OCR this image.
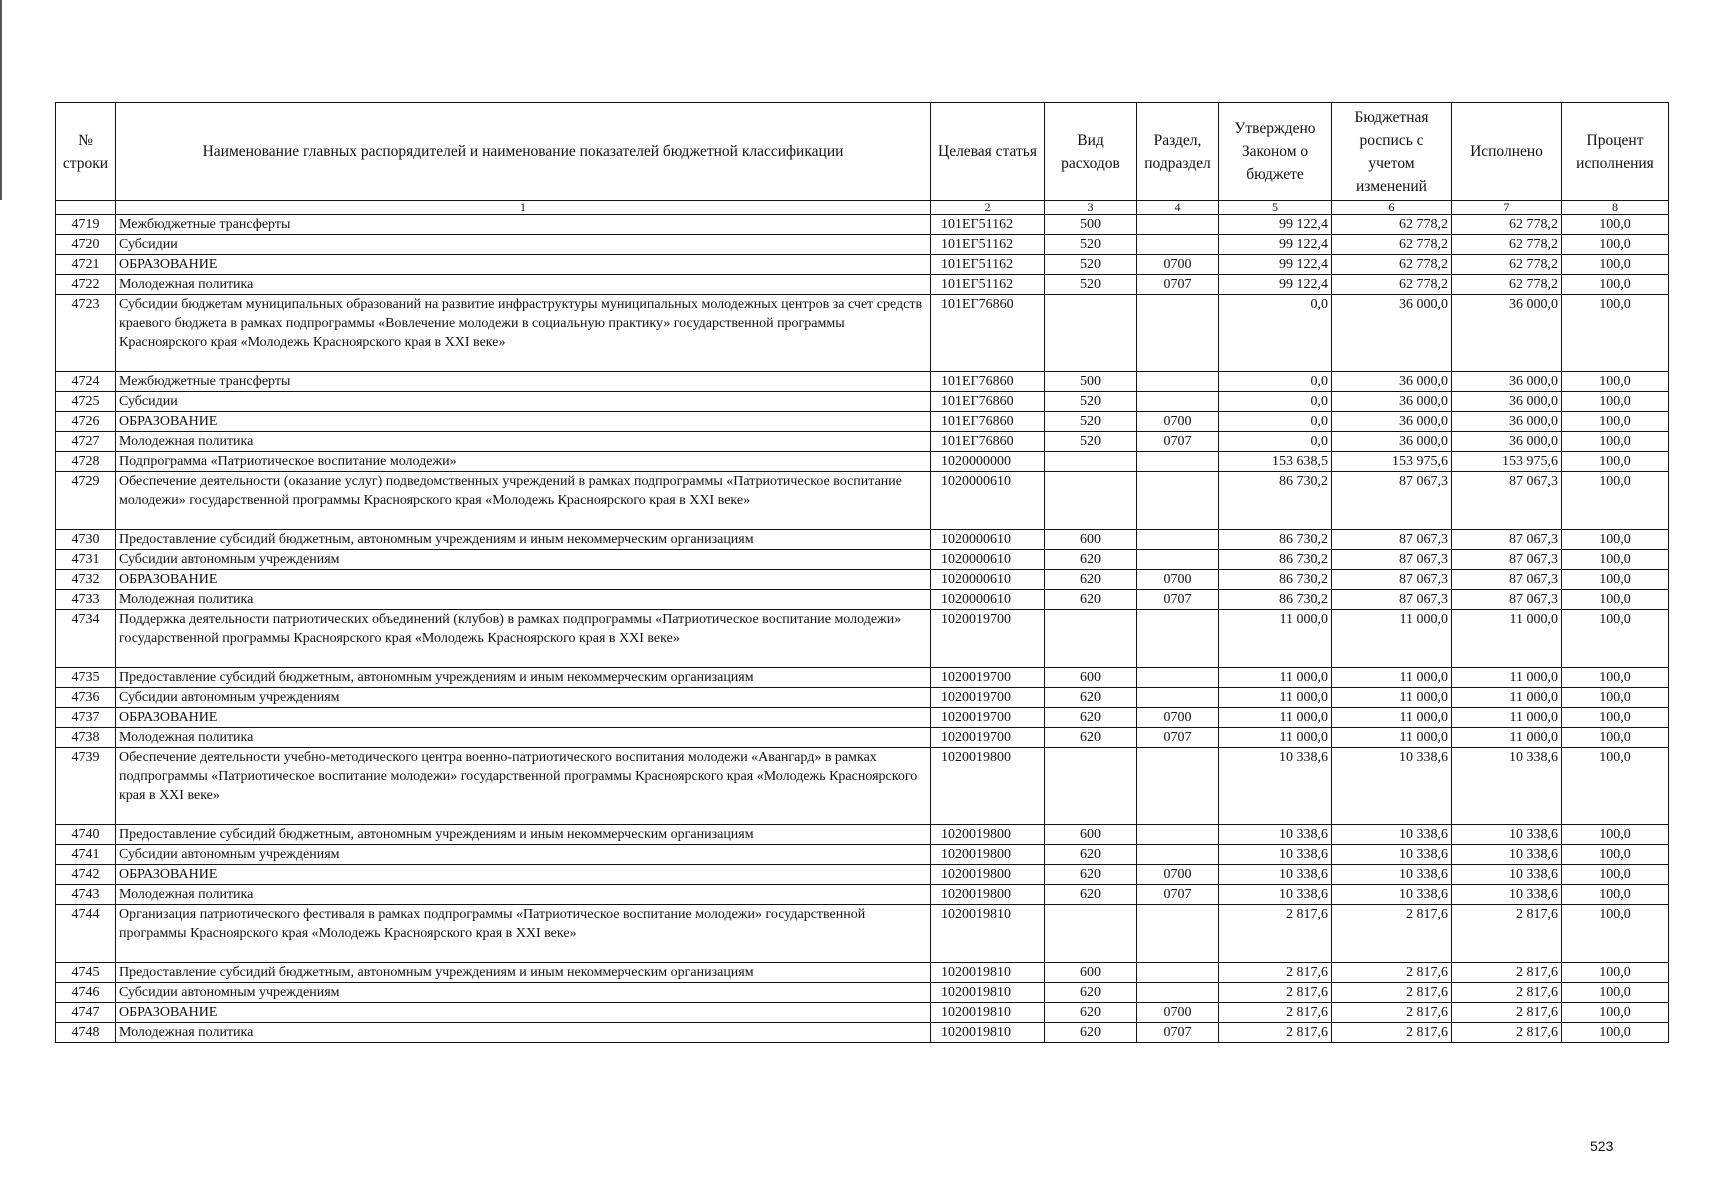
№ строки	Наименование главных распорядителей и наименование показателей бюджетной классификации	Целевая статья	Вид расходов	Раздел, подраздел	Утверждено Законом о бюджете	Бюджетная роспись с учетом изменений	Исполнено	Процент исполнения
	1	2	3	4	5	6	7	8
4719	Межбюджетные трансферты	101ЕГ51162	500		99 122,4	62 778,2	62 778,2	100,0
4720	Субсидии	101ЕГ51162	520		99 122,4	62 778,2	62 778,2	100,0
4721	ОБРАЗОВАНИЕ	101ЕГ51162	520	0700	99 122,4	62 778,2	62 778,2	100,0
4722	Молодежная политика	101ЕГ51162	520	0707	99 122,4	62 778,2	62 778,2	100,0
4723	Субсидии бюджетам муниципальных образований на развитие инфраструктуры муниципальных молодежных центров за счет средств краевого бюджета в рамках подпрограммы «Вовлечение молодежи в социальную практику» государственной программы Красноярского края «Молодежь Красноярского края в XXI веке»	101ЕГ76860			0,0	36 000,0	36 000,0	100,0
4724	Межбюджетные трансферты	101ЕГ76860	500		0,0	36 000,0	36 000,0	100,0
4725	Субсидии	101ЕГ76860	520		0,0	36 000,0	36 000,0	100,0
4726	ОБРАЗОВАНИЕ	101ЕГ76860	520	0700	0,0	36 000,0	36 000,0	100,0
4727	Молодежная политика	101ЕГ76860	520	0707	0,0	36 000,0	36 000,0	100,0
4728	Подпрограмма «Патриотическое воспитание молодежи»	1020000000			153 638,5	153 975,6	153 975,6	100,0
4729	Обеспечение деятельности (оказание услуг) подведомственных учреждений в рамках подпрограммы «Патриотическое воспитание молодежи» государственной программы Красноярского края «Молодежь Красноярского края в XXI веке»	1020000610			86 730,2	87 067,3	87 067,3	100,0
4730	Предоставление субсидий бюджетным, автономным учреждениям и иным некоммерческим организациям	1020000610	600		86 730,2	87 067,3	87 067,3	100,0
4731	Субсидии автономным учреждениям	1020000610	620		86 730,2	87 067,3	87 067,3	100,0
4732	ОБРАЗОВАНИЕ	1020000610	620	0700	86 730,2	87 067,3	87 067,3	100,0
4733	Молодежная политика	1020000610	620	0707	86 730,2	87 067,3	87 067,3	100,0
4734	Поддержка деятельности патриотических объединений (клубов) в рамках подпрограммы «Патриотическое воспитание молодежи» государственной программы Красноярского края «Молодежь Красноярского края в XXI веке»	1020019700			11 000,0	11 000,0	11 000,0	100,0
4735	Предоставление субсидий бюджетным, автономным учреждениям и иным некоммерческим организациям	1020019700	600		11 000,0	11 000,0	11 000,0	100,0
4736	Субсидии автономным учреждениям	1020019700	620		11 000,0	11 000,0	11 000,0	100,0
4737	ОБРАЗОВАНИЕ	1020019700	620	0700	11 000,0	11 000,0	11 000,0	100,0
4738	Молодежная политика	1020019700	620	0707	11 000,0	11 000,0	11 000,0	100,0
4739	Обеспечение деятельности учебно-методического центра военно-патриотического воспитания молодежи «Авангард» в рамках подпрограммы «Патриотическое воспитание молодежи» государственной программы Красноярского края «Молодежь Красноярского края в XXI веке»	1020019800			10 338,6	10 338,6	10 338,6	100,0
4740	Предоставление субсидий бюджетным, автономным учреждениям и иным некоммерческим организациям	1020019800	600		10 338,6	10 338,6	10 338,6	100,0
4741	Субсидии автономным учреждениям	1020019800	620		10 338,6	10 338,6	10 338,6	100,0
4742	ОБРАЗОВАНИЕ	1020019800	620	0700	10 338,6	10 338,6	10 338,6	100,0
4743	Молодежная политика	1020019800	620	0707	10 338,6	10 338,6	10 338,6	100,0
4744	Организация патриотического фестиваля в рамках подпрограммы «Патриотическое воспитание молодежи» государственной программы Красноярского края «Молодежь Красноярского края в XXI веке»	1020019810			2 817,6	2 817,6	2 817,6	100,0
4745	Предоставление субсидий бюджетным, автономным учреждениям и иным некоммерческим организациям	1020019810	600		2 817,6	2 817,6	2 817,6	100,0
4746	Субсидии автономным учреждениям	1020019810	620		2 817,6	2 817,6	2 817,6	100,0
4747	ОБРАЗОВАНИЕ	1020019810	620	0700	2 817,6	2 817,6	2 817,6	100,0
4748	Молодежная политика	1020019810	620	0707	2 817,6	2 817,6	2 817,6	100,0
523
